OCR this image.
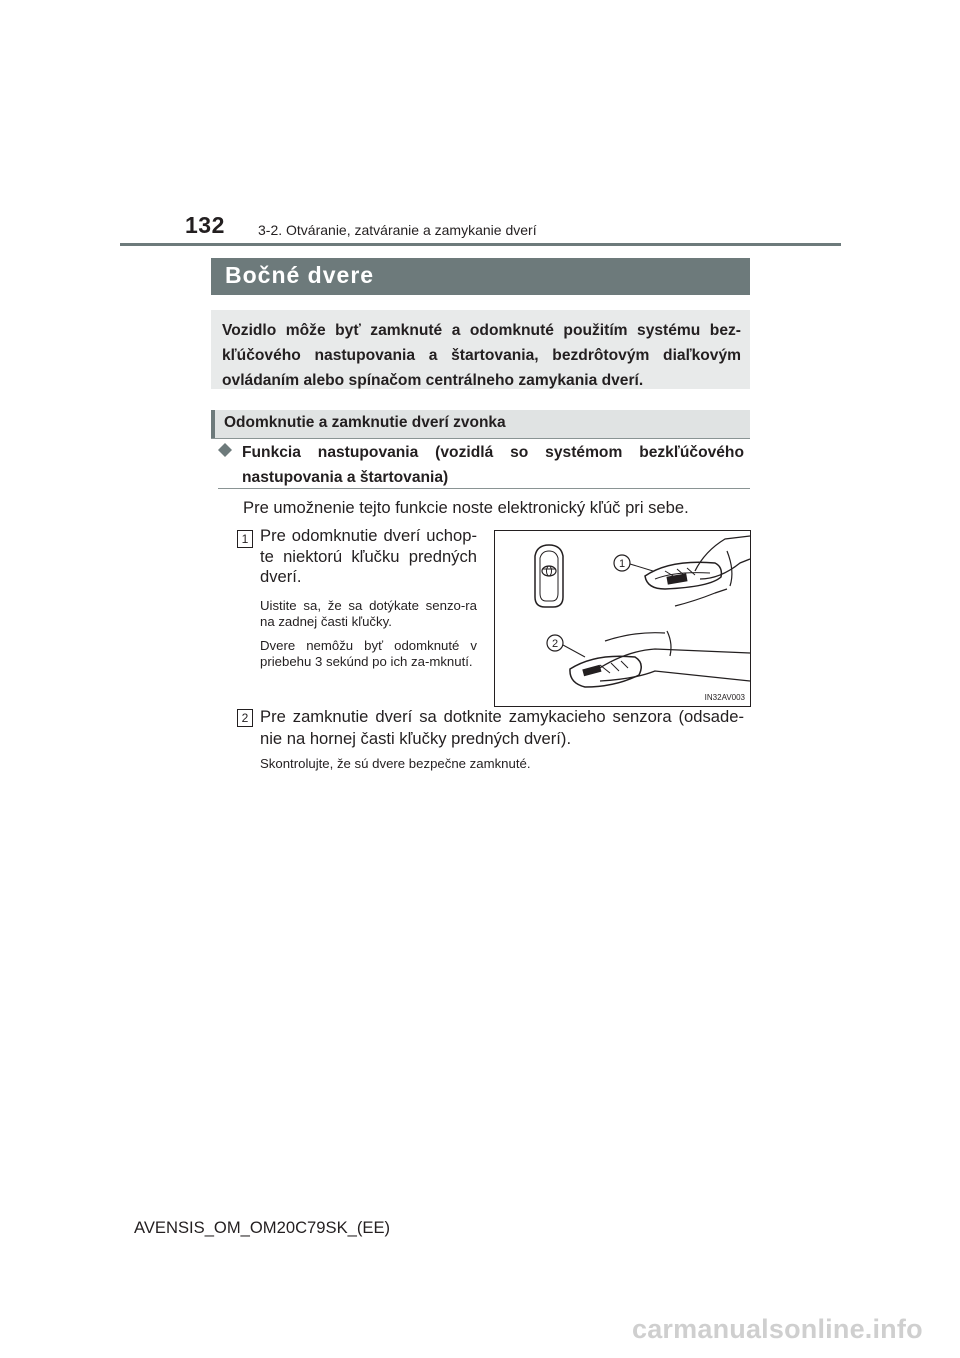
132 3-2. Otváranie, zatváranie a zamykanie dverí
Bočné dvere
Vozidlo môže byť zamknuté a odomknuté použitím systému bez-kľúčového nastupovania a štartovania, bezdrôtovým diaľkovým ovládaním alebo spínačom centrálneho zamykania dverí.
Odomknutie a zamknutie dverí zvonka
Funkcia nastupovania (vozidlá so systémom bezkľúčového nastupovania a štartovania)
Pre umožnenie tejto funkcie noste elektronický kľúč pri sebe.
1 Pre odomknutie dverí uchop-te niektorú kľučku predných dverí.
Uistite sa, že sa dotýkate senzo-ra na zadnej časti kľučky.
Dvere nemôžu byť odomknuté v priebehu 3 sekúnd po ich za-mknutí.
1
2
IN32AV003
2 Pre zamknutie dverí sa dotknite zamykacieho senzora (odsade-nie na hornej časti kľučky predných dverí).
Skontrolujte, že sú dvere bezpečne zamknuté.
AVENSIS_OM_OM20C79SK_(EE)
carmanualsonline.info
